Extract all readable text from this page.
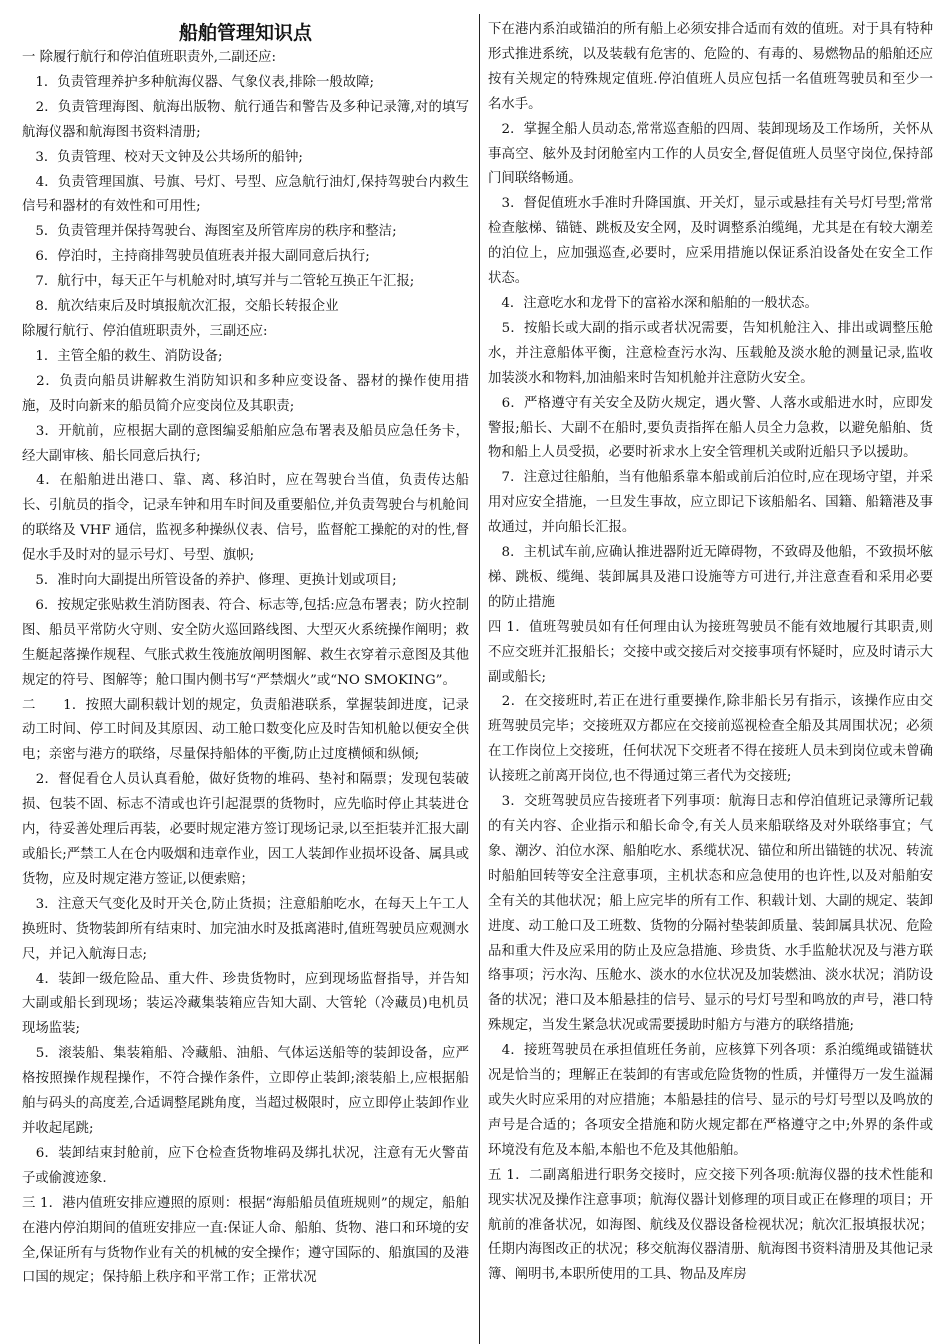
船舶管理知识点

一 除履行航行和停泊值班职责外,二副还应:

　1．负责管理养护多种航海仪器、气象仪表,排除一般故障;

　2．负责管理海图、航海出版物、航行通告和警告及多种记录簿,对的填写航海仪器和航海图书资料清册;

　3．负责管理、校对天文钟及公共场所的船钟;

　4．负责管理国旗、号旗、号灯、号型、应急航行油灯,保持驾驶台内救生信号和器材的有效性和可用性;

　5．负责管理并保持驾驶台、海图室及所管库房的秩序和整洁;

　6．停泊时，主持商排驾驶员值班表并报大副同意后执行;

　7．航行中，每天正午与机舱对时,填写并与二管轮互换正午汇报;

　8．航次结束后及时填报航次汇报，交船长转报企业

除履行航行、停泊值班职责外，三副还应:

　1．主管全船的救生、消防设备;

　2．负责向船员讲解救生消防知识和多种应变设备、器材的操作使用措施，及时向新来的船员简介应变岗位及其职责;

　3．开航前，应根据大副的意图编妥船舶应急布署表及船员应急任务卡，经大副审核、船长同意后执行;

　4．在船舶进出港口、靠、离、移泊时，应在驾驶台当值，负责传达船长、引航员的指令，记录车钟和用车时间及重要船位,并负责驾驶台与机舱间的联络及 VHF 通信，监视多种操纵仪表、信号，监督舵工操舵的对的性,督促水手及时对的显示号灯、号型、旗帜;

　5．准时向大副提出所管设备的养护、修理、更换计划或项目;

　6．按规定张贴救生消防图表、符合、标志等,包括:应急布署表；防火控制图、船员平常防火守则、安全防火巡回路线图、大型灭火系统操作阐明；救生艇起落操作规程、气胀式救生筏施放阐明图解、救生衣穿着示意图及其他规定的符号、图解等；舱口围内侧书写“严禁烟火”或“NO SMOKING”。

二　　1．按照大副积载计划的规定，负责船港联系，掌握装卸进度，记录动工时间、停工时间及其原因、动工舱口数变化应及时告知机舱以便安全供电；亲密与港方的联络，尽量保持船体的平衡,防止过度横倾和纵倾;

　2．督促看仓人员认真看舱，做好货物的堆码、垫衬和隔票；发现包装破损、包装不固、标志不清或也许引起混票的货物时，应先临时停止其装进仓内，待妥善处理后再装，必要时规定港方签订现场记录,以至拒装并汇报大副或船长;严禁工人在仓内吸烟和违章作业，因工人装卸作业损坏设备、属具或货物，应及时规定港方签证,以便索赔；

　3．注意天气变化及时开关仓,防止货损；注意船舶吃水，在每天上午工人换班时、货物装卸所有结束时、加完油水时及抵离港时,值班驾驶员应观测水尺，并记入航海日志;

　4．装卸一级危险品、重大件、珍贵货物时，应到现场监督指导，并告知大副或船长到现场；装运冷藏集装箱应告知大副、大管轮（冷藏员)电机员现场监装;

　5．滚装船、集装箱船、冷藏船、油船、气体运送船等的装卸设备，应严格按照操作规程操作，不符合操作条件，立即停止装卸;滚装船上,应根据船舶与码头的高度差,合适调整尾跳角度，当超过极限时，应立即停止装卸作业并收起尾跳;

　6．装卸结束封舱前，应下仓检查货物堆码及绑扎状况，注意有无火警苗子或偷渡迹象.

三 1．港内值班安排应遵照的原则：根据“海船船员值班规则”的规定，船舶在港内停泊期间的值班安排应一直:保证人命、船舶、货物、港口和环境的安全,保证所有与货物作业有关的机械的安全操作；遵守国际的、船旗国的及港口国的规定；保持船上秩序和平常工作；正常状况

下在港内系泊或锚泊的所有船上必须安排合适而有效的值班。对于具有特种形式推进系统，以及装载有危害的、危险的、有毒的、易燃物品的船舶还应按有关规定的特殊规定值班.停泊值班人员应包括一名值班驾驶员和至少一名水手。

　2．掌握全船人员动态,常常巡查船的四周、装卸现场及工作场所，关怀从事高空、舷外及封闭舱室内工作的人员安全,督促值班人员坚守岗位,保持部门间联络畅通。

　3．督促值班水手准时升降国旗、开关灯，显示或悬挂有关号灯号型;常常检查舷梯、锚链、跳板及安全网，及时调整系泊缆绳，尤其是在有较大潮差的泊位上，应加强巡查,必要时，应采用措施以保证系泊设备处在安全工作状态。

　4．注意吃水和龙骨下的富裕水深和船舶的一般状态。

　5．按船长或大副的指示或者状况需要，告知机舱注入、排出或调整压舱水，并注意船体平衡，注意检查污水沟、压载舱及淡水舱的测量记录,监收加装淡水和物料,加油船来时告知机舱并注意防火安全。

　6．严格遵守有关安全及防火规定，遇火警、人落水或船进水时，应即发警报;船长、大副不在船时,要负责指挥在船人员全力急救，以避免船舶、货物和船上人员受损，必要时祈求水上安全管理机关或附近船只予以援助。

　7．注意过往船舶，当有他船系靠本船或前后泊位时,应在现场守望，并采用对应安全措施，一旦发生事故，应立即记下该船船名、国籍、船籍港及事故通过，并向船长汇报。

　8．主机试车前,应确认推进器附近无障碍物，不致碍及他船，不致损坏舷梯、跳板、缆绳、装卸属具及港口设施等方可进行,并注意查看和采用必要的防止措施

四 1．值班驾驶员如有任何理由认为接班驾驶员不能有效地履行其职责,则不应交班并汇报船长；交接中或交接后对交接事项有怀疑时，应及时请示大副或船长;

　2．在交接班时,若正在进行重要操作,除非船长另有指示，该操作应由交班驾驶员完毕；交接班双方都应在交接前巡视检查全船及其周围状况；必须在工作岗位上交接班，任何状况下交班者不得在接班人员未到岗位或未曾确认接班之前离开岗位,也不得通过第三者代为交接班;

　3．交班驾驶员应告接班者下列事项：航海日志和停泊值班记录簿所记载的有关内容、企业指示和船长命令,有关人员来船联络及对外联络事宜；气象、潮汐、泊位水深、船舶吃水、系缆状况、锚位和所出锚链的状况、转流时船舶回转等安全注意事项，主机状态和应急使用的也许性,以及对船舶安全有关的其他状况；船上应完毕的所有工作、积载计划、大副的规定、装卸进度、动工舱口及工班数、货物的分隔衬垫装卸质量、装卸属具状况、危险品和重大件及应采用的防止及应急措施、珍贵货、水手监舱状况及与港方联络事项；污水沟、压舱水、淡水的水位状况及加装燃油、淡水状况；消防设备的状况；港口及本船悬挂的信号、显示的号灯号型和鸣放的声号，港口特殊规定，当发生紧急状况或需要援助时船方与港方的联络措施;

　4．接班驾驶员在承担值班任务前，应核算下列各项：系泊缆绳或锚链状况是恰当的；理解正在装卸的有害或危险货物的性质，并懂得万一发生溢漏或失火时应采用的对应措施；本船悬挂的信号、显示的号灯号型以及鸣放的声号是合适的；各项安全措施和防火规定都在严格遵守之中;外界的条件或环境没有危及本船,本船也不危及其他船舶。

五 1．二副离船进行职务交接时，应交接下列各项:航海仪器的技术性能和现实状况及操作注意事项；航海仪器计划修理的项目或正在修理的项目；开航前的准备状况，如海图、航线及仪器设备检视状况；航次汇报填报状况；任期内海图改正的状况；移交航海仪器清册、航海图书资料清册及其他记录簿、阐明书,本职所使用的工具、物品及库房
